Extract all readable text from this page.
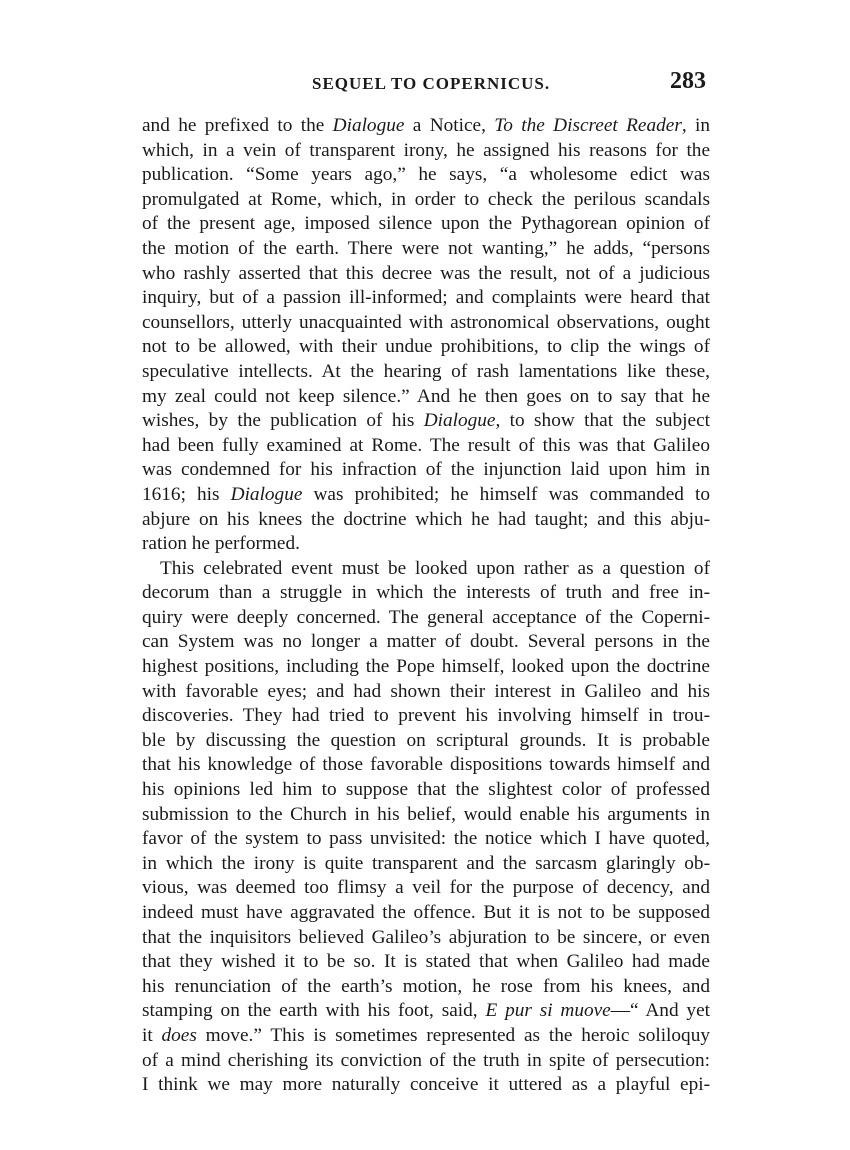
SEQUEL TO COPERNICUS.	283
and he prefixed to the Dialogue a Notice, To the Discreet Reader, in
which, in a vein of transparent irony, he assigned his reasons for the
publication. “Some years ago,” he says, “a wholesome edict was
promulgated at Rome, which, in order to check the perilous scandals
of the present age, imposed silence upon the Pythagorean opinion of
the motion of the earth. There were not wanting,” he adds, “persons
who rashly asserted that this decree was the result, not of a judicious
inquiry, but of a passion ill-informed; and complaints were heard that
counsellors, utterly unacquainted with astronomical observations, ought
not to be allowed, with their undue prohibitions, to clip the wings of
speculative intellects. At the hearing of rash lamentations like these,
my zeal could not keep silence.” And he then goes on to say that he
wishes, by the publication of his Dialogue, to show that the subject
had been fully examined at Rome. The result of this was that Galileo
was condemned for his infraction of the injunction laid upon him in
1616; his Dialogue was prohibited; he himself was commanded to
abjure on his knees the doctrine which he had taught; and this abju-
ration he performed.
This celebrated event must be looked upon rather as a question of
decorum than a struggle in which the interests of truth and free in-
quiry were deeply concerned. The general acceptance of the Coperni-
can System was no longer a matter of doubt. Several persons in the
highest positions, including the Pope himself, looked upon the doctrine
with favorable eyes; and had shown their interest in Galileo and his
discoveries. They had tried to prevent his involving himself in trou-
ble by discussing the question on scriptural grounds. It is probable
that his knowledge of those favorable dispositions towards himself and
his opinions led him to suppose that the slightest color of professed
submission to the Church in his belief, would enable his arguments in
favor of the system to pass unvisited: the notice which I have quoted,
in which the irony is quite transparent and the sarcasm glaringly ob-
vious, was deemed too flimsy a veil for the purpose of decency, and
indeed must have aggravated the offence. But it is not to be supposed
that the inquisitors believed Galileo’s abjuration to be sincere, or even
that they wished it to be so. It is stated that when Galileo had made
his renunciation of the earth’s motion, he rose from his knees, and
stamping on the earth with his foot, said, E pur si muove—“ And yet
it does move.” This is sometimes represented as the heroic soliloquy
of a mind cherishing its conviction of the truth in spite of persecution:
I think we may more naturally conceive it uttered as a playful epi-
